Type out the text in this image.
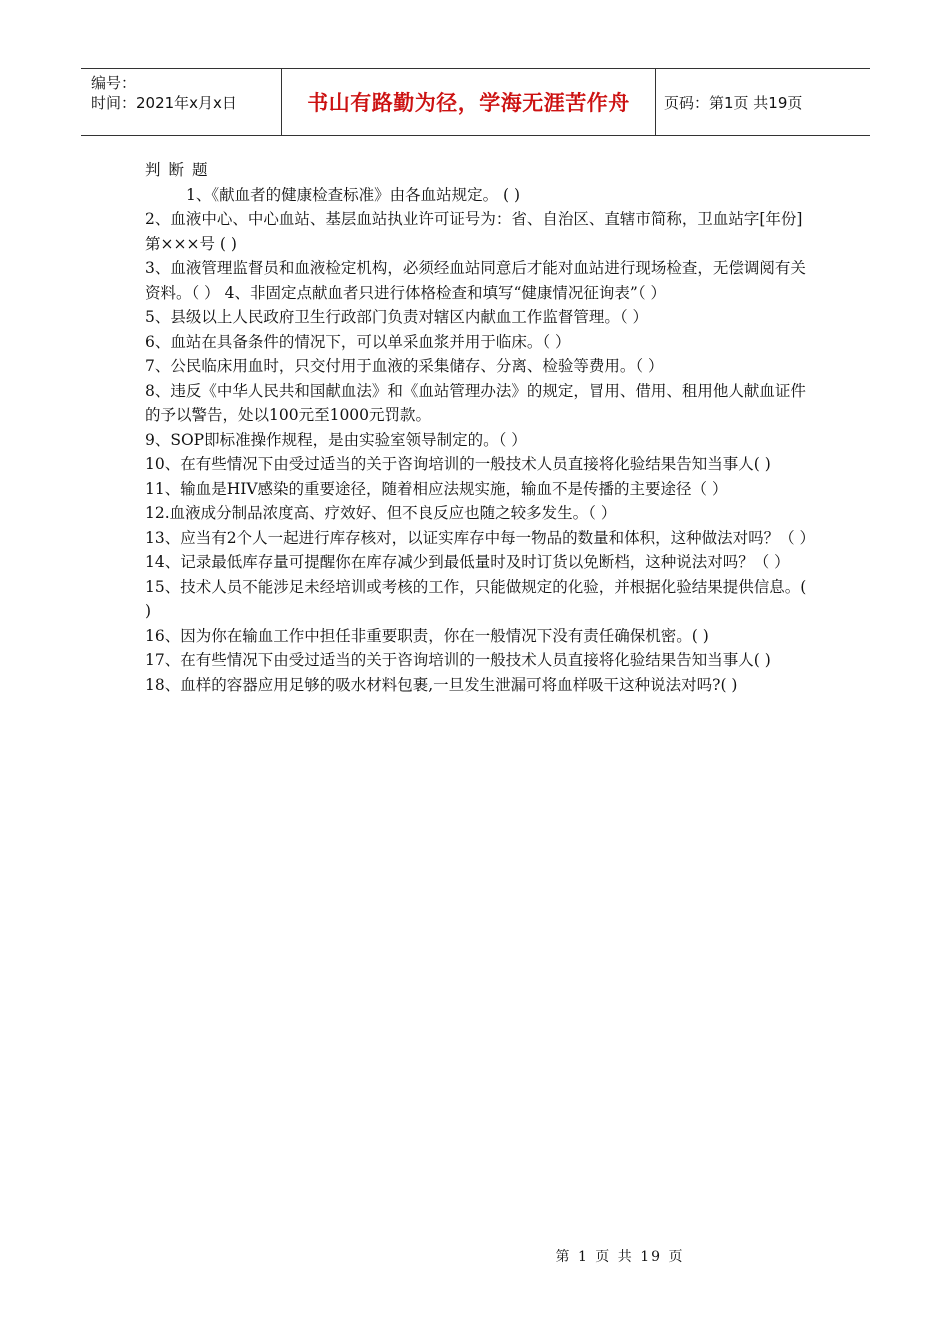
编号：
时间：2021年x月x日	书山有路勤为径，学海无涯苦作舟	页码：第1页 共19页

判断题

1、《献血者的健康检查标准》由各血站规定。 ( )

2、血液中心、中心血站、基层血站执业许可证号为：省、自治区、直辖市简称，卫血站字[年份]第×××号 ( )

3、血液管理监督员和血液检定机构，必须经血站同意后才能对血站进行现场检查，无偿调阅有关资料。（ ） 4、非固定点献血者只进行体格检查和填写“健康情况征询表”（ ）

5、县级以上人民政府卫生行政部门负责对辖区内献血工作监督管理。（ ）

6、血站在具备条件的情况下，可以单采血浆并用于临床。（ ）

7、公民临床用血时，只交付用于血液的采集储存、分离、检验等费用。（ ）

8、违反《中华人民共和国献血法》和《血站管理办法》的规定，冒用、借用、租用他人献血证件的予以警告，处以100元至1000元罚款。

9、SOP即标准操作规程，是由实验室领导制定的。（ ）

10、在有些情况下由受过适当的关于咨询培训的一般技术人员直接将化验结果告知当事人( )

11、输血是HIV感染的重要途径，随着相应法规实施，输血不是传播的主要途径（ ）

12.血液成分制品浓度高、疗效好、但不良反应也随之较多发生。（ ）

13、应当有2个人一起进行库存核对，以证实库存中每一物品的数量和体积，这种做法对吗？（ ）

14、记录最低库存量可提醒你在库存减少到最低量时及时订货以免断档，这种说法对吗？（ ）

15、技术人员不能涉足未经培训或考核的工作，只能做规定的化验，并根据化验结果提供信息。( )

16、因为你在输血工作中担任非重要职责，你在一般情况下没有责任确保机密。( )

17、在有些情况下由受过适当的关于咨询培训的一般技术人员直接将化验结果告知当事人( )

18、血样的容器应用足够的吸水材料包裹,一旦发生泄漏可将血样吸干这种说法对吗?( )

第 1 页 共 19 页
